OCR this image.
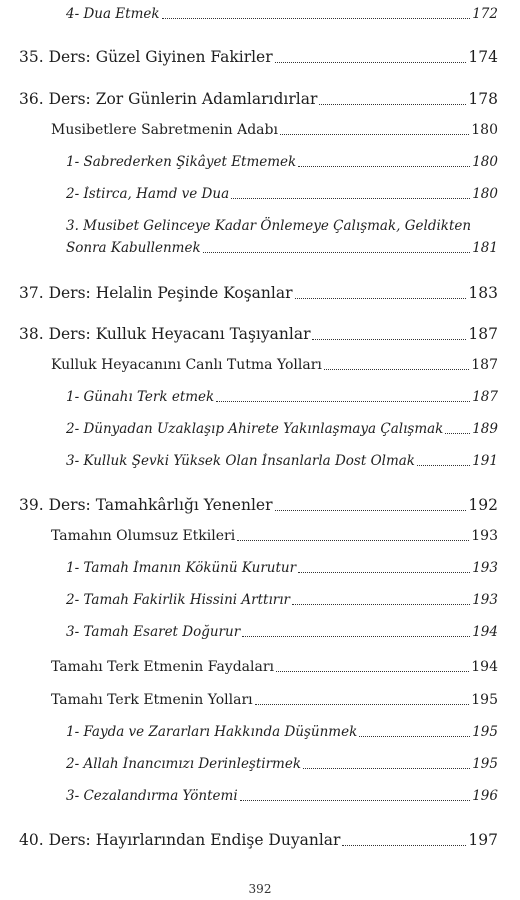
4- Dua Etmek	172
35. Ders: Güzel Giyinen Fakirler	174
36. Ders: Zor Günlerin Adamlarıdırlar	178
Musibetlere Sabretmenin Adabı	180
1- Sabrederken Şikâyet Etmemek	180
2- İstirca, Hamd ve Dua	180
3. Musibet Gelinceye Kadar Önlemeye Çalışmak, Geldikten
Sonra Kabullenmek	181
37. Ders: Helalin Peşinde Koşanlar	183
38. Ders: Kulluk Heyacanı Taşıyanlar	187
Kulluk Heyacanını Canlı Tutma Yolları	187
1- Günahı Terk etmek	187
2- Dünyadan Uzaklaşıp Ahirete Yakınlaşmaya Çalışmak 189
3- Kulluk Şevki Yüksek Olan İnsanlarla Dost Olmak	191
39. Ders: Tamahkârlığı Yenenler	192
Tamahın Olumsuz Etkileri	193
1- Tamah İmanın Kökünü Kurutur	193
2- Tamah Fakirlik Hissini Arttırır	193
3- Tamah Esaret Doğurur	194
Tamahı Terk Etmenin Faydaları	194
Tamahı Terk Etmenin Yolları	195
1- Fayda ve Zararları Hakkında Düşünmek	195
2- Allah İnancımızı Derinleştirmek	195
3- Cezalandırma Yöntemi	196
40. Ders: Hayırlarından Endişe Duyanlar	197
392
